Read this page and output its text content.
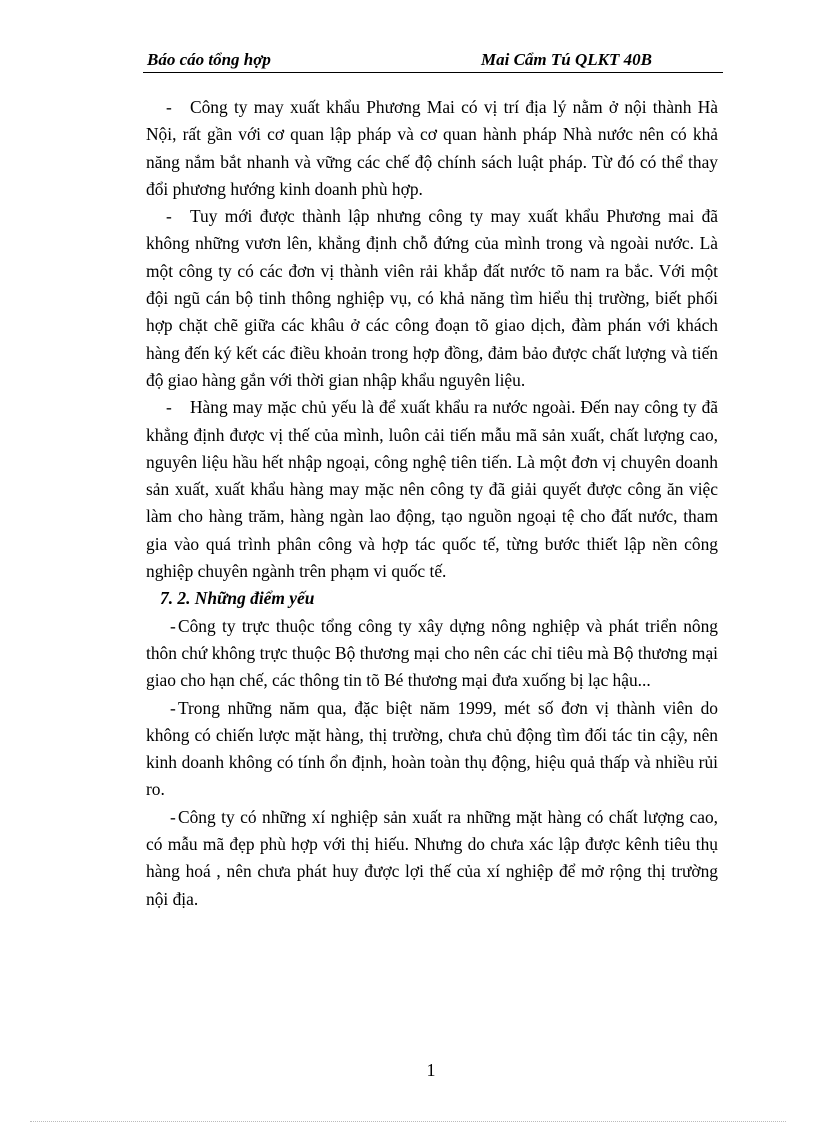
Báo cáo tổng hợp	Mai Cẩm Tú QLKT 40B

- Công ty may xuất khẩu Phương Mai có vị trí địa lý nằm ở nội thành Hà Nội, rất gần với cơ quan lập pháp và cơ quan hành pháp Nhà nước nên có khả năng nắm bắt nhanh và vững các chế độ chính sách luật pháp. Từ đó có thể thay đổi phương hướng kinh doanh phù hợp.

- Tuy mới được thành lập nhưng công ty may xuất khẩu Phương mai đã không những vươn lên, khẳng định chỗ đứng của mình trong và ngoài nước. Là một công ty có các đơn vị thành viên rải khắp đất nước tõ nam ra bắc. Với một đội ngũ cán bộ tinh thông nghiệp vụ, có khả năng tìm hiểu thị trường, biết phối hợp chặt chẽ giữa các khâu ở các công đoạn tõ giao dịch, đàm phán với khách hàng đến ký kết các điều khoản trong hợp đồng, đảm bảo được chất lượng và tiến độ giao hàng gắn với thời gian nhập khẩu nguyên liệu.

- Hàng may mặc chủ yếu là để xuất khẩu ra nước ngoài. Đến nay công ty đã khẳng định được vị thế của mình, luôn cải tiến mẫu mã sản xuất, chất lượng cao, nguyên liệu hầu hết nhập ngoại, công nghệ tiên tiến. Là một đơn vị chuyên doanh sản xuất, xuất khẩu hàng may mặc nên công ty đã giải quyết được công ăn việc làm cho hàng trăm, hàng ngàn lao động, tạo nguồn ngoại tệ cho đất nước, tham gia vào quá trình phân công và hợp tác quốc tế, từng bước thiết lập nền công nghiệp chuyên ngành trên phạm vi quốc tế.

7. 2. Những điểm yếu

- Công ty trực thuộc tổng công ty xây dựng nông nghiệp và phát triển nông thôn chứ không trực thuộc Bộ thương mại cho nên các chỉ tiêu mà Bộ thương mại giao cho hạn chế, các thông tin tõ Bé thương mại đưa xuống bị lạc hậu...

- Trong những năm qua, đặc biệt năm 1999, mét số đơn vị thành viên do không có chiến lược mặt hàng, thị trường, chưa chủ động tìm đối tác tin cậy, nên kinh doanh không có tính ổn định, hoàn toàn thụ động, hiệu quả thấp và nhiều rủi ro.

- Công ty có những xí nghiệp sản xuất ra những mặt hàng có chất lượng cao, có mẫu mã đẹp phù hợp với thị hiếu. Nhưng do chưa xác lập được kênh tiêu thụ hàng hoá , nên chưa phát huy được lợi thế của xí nghiệp để mở rộng thị trường nội địa.

1
